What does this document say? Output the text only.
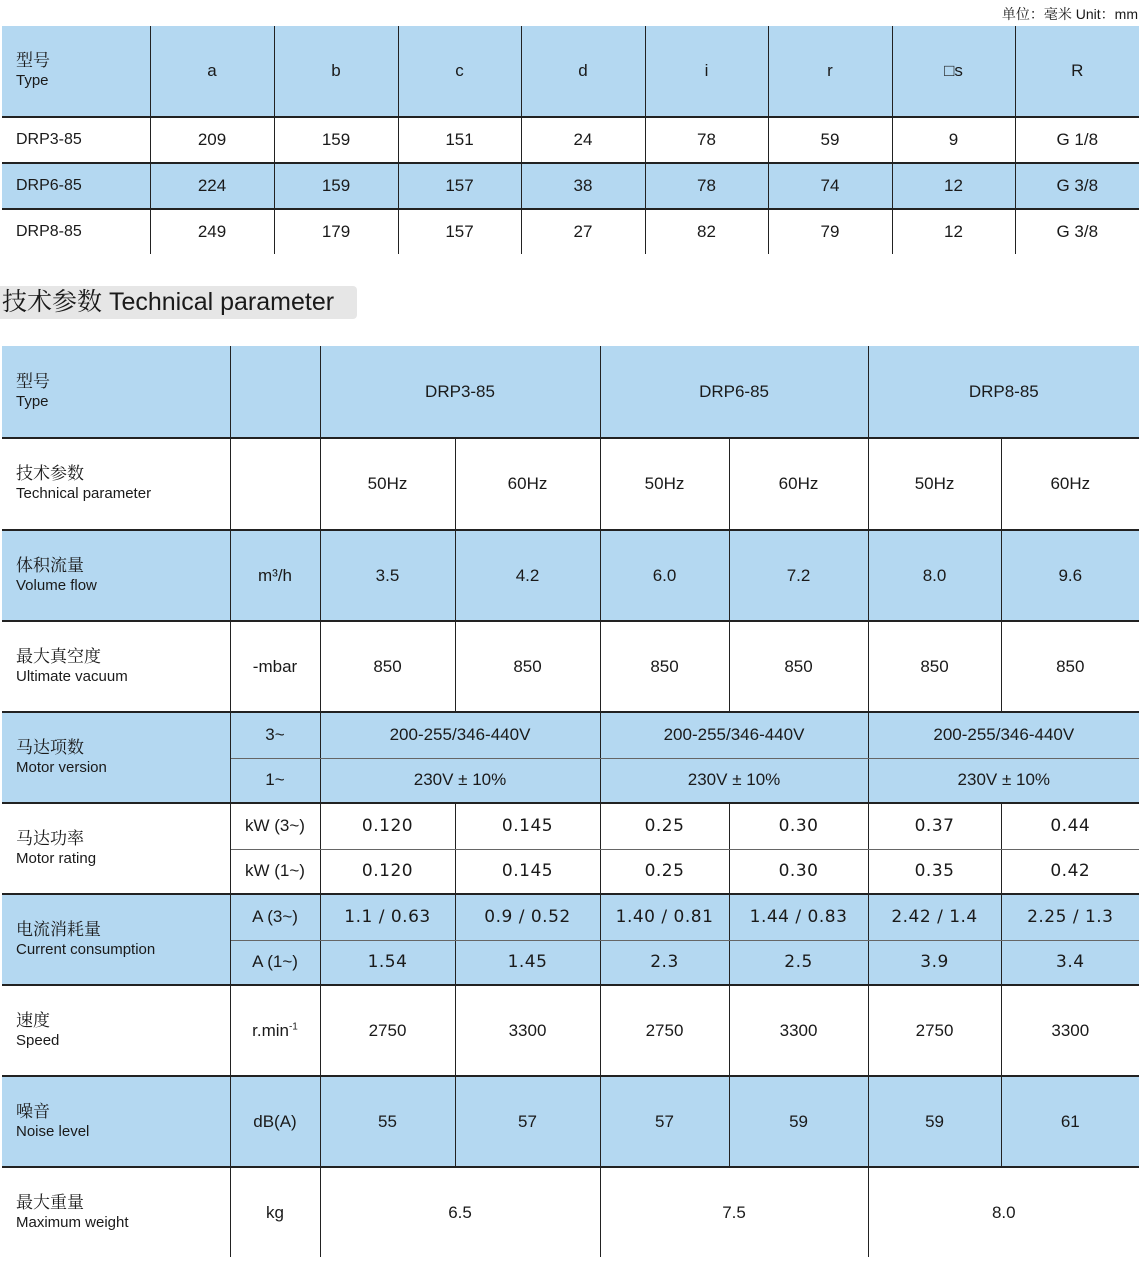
单位：毫米 Unit：mm
型号
Type	a	b	c	d	i	r	□s	R
DRP3-85	209	159	151	24	78	59	9	G 1/8
DRP6-85	224	159	157	38	78	74	12	G 3/8
DRP8-85	249	179	157	27	82	79	12	G 3/8
技术参数 Technical parameter
型号
Type		DRP3-85		DRP6-85		DRP8-85	

技术参数
Technical parameter		50Hz	60Hz	50Hz	60Hz	50Hz	60Hz

体积流量
Volume flow	m³/h	3.5	4.2	6.0	7.2	8.0	9.6

最大真空度
Ultimate vacuum	-mbar	850	850	850	850	850	850

马达项数
Motor version	3~	200-255/346-440V		200-255/346-440V		200-255/346-440V	
	1~	230V ± 10%		230V ± 10%		230V ± 10%	

马达功率
Motor rating	kW (3~)	0.120	0.145	0.25	0.30	0.37	0.44
	kW (1~)	0.120	0.145	0.25	0.30	0.35	0.42

电流消耗量
Current consumption	A (3~)	1.1 / 0.63	0.9 / 0.52	1.40 / 0.81	1.44 / 0.83	2.42 / 1.4	2.25 / 1.3
	A (1~)	1.54	1.45	2.3	2.5	3.9	3.4

速度
Speed	$r.\min^{-1}$	2750	3300	2750	3300	2750	3300

噪音
Noise level	dB(A)	55	57	57	59	59	61

最大重量
Maximum weight	kg	6.5		7.5		8.0	
